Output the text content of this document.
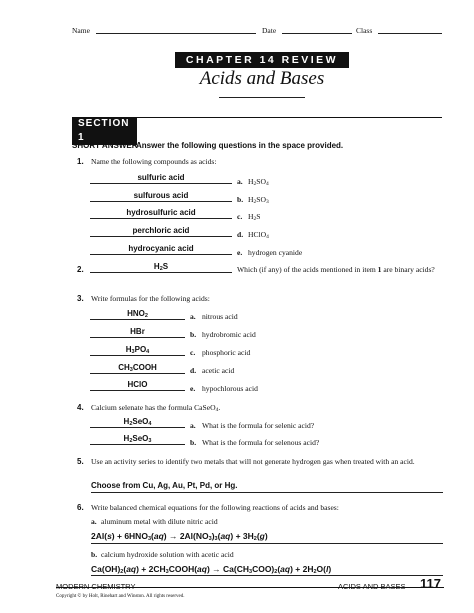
Name	Date	Class
CHAPTER 14 REVIEW
Acids and Bases
SECTION 1
SHORT ANSWER
Answer the following questions in the space provided.
1. Name the following compounds as acids:
sulfuric acid	a. $H_2SO_4$
sulfurous acid	b. $H_2SO_3$
hydrosulfuric acid	c. $H_2S$
perchloric acid	d. HClO$_4$
hydrocyanic acid	e. hydrogen cyanide
2.	$H_2S$	Which (if any) of the acids mentioned in item 1 are binary acids?
3. Write formulas for the following acids:
$HNO_2$	a. nitrous acid
HBr	b. hydrobromic acid
$H_3PO_4$	c. phosphoric acid
$CH_3COOH$	d. acetic acid
HClO	e. hypochlorous acid
4. Calcium selenate has the formula CaSeO$_4$.
$H_2SeO_4$	a. What is the formula for selenic acid?
$H_2SeO_3$	b. What is the formula for selenous acid?
5. Use an activity series to identify two metals that will not generate hydrogen gas when treated with an acid.
Choose from Cu, Ag, Au, Pt, Pd, or Hg.
6. Write balanced chemical equations for the following reactions of acids and bases:
a. aluminum metal with dilute nitric acid
$2Al(s) + 6HNO_3(aq) \to 2Al(NO_3)_3(aq) + 3H_2(g)$
b. calcium hydroxide solution with acetic acid
$Ca(OH)_2(aq)$ + $2CH_3COOH(aq) \to Ca(CH_3COO)_2(aq) + 2H_2O(l)$
MODERN CHEMISTRY	ACIDS AND BASES 117
Copyright © by Holt, Rinehart and Winston. All rights reserved.
